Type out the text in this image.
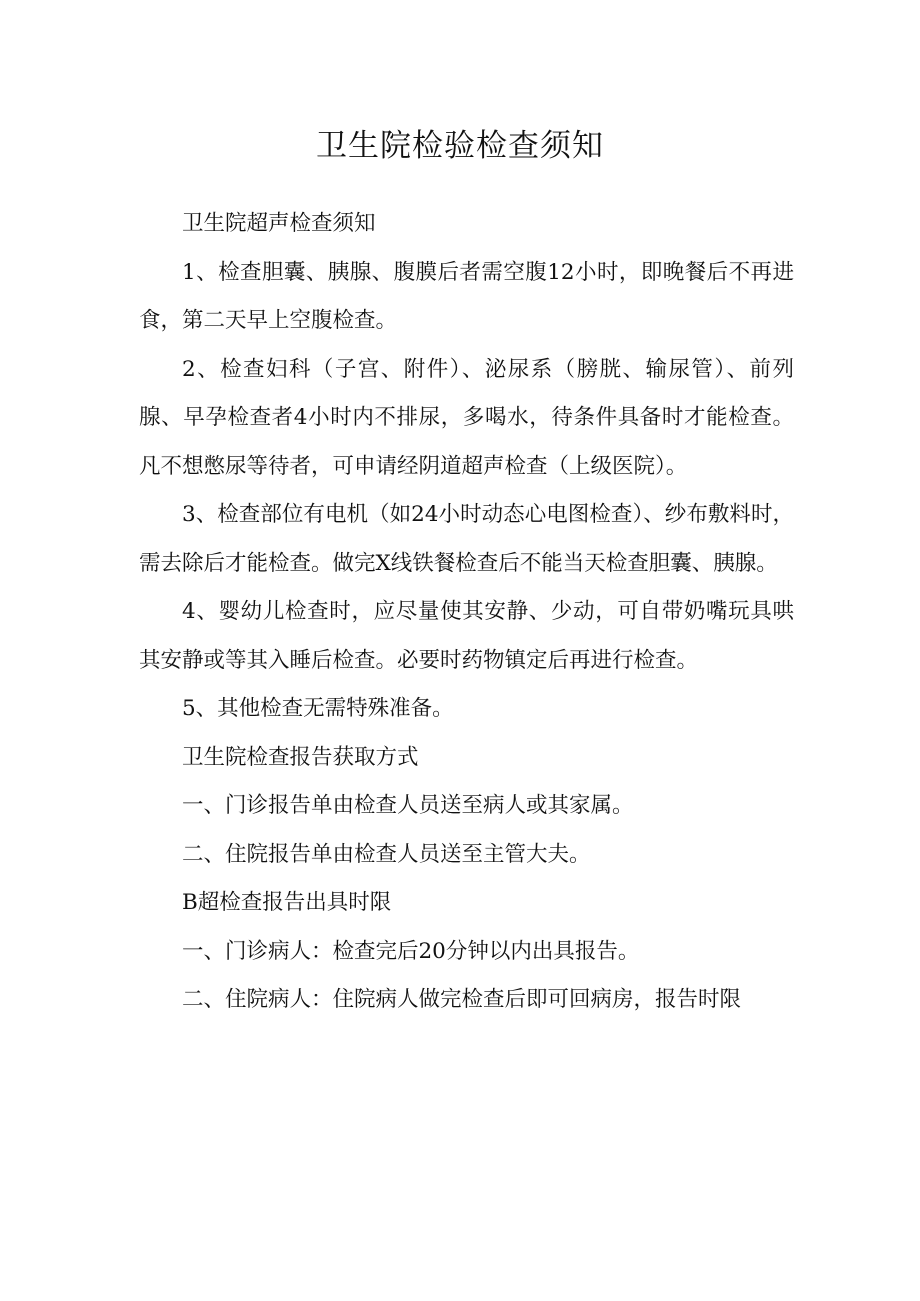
卫生院检验检查须知

卫生院超声检查须知

1、检查胆囊、胰腺、腹膜后者需空腹12小时，即晚餐后不再进食，第二天早上空腹检查。

2、检查妇科（子宫、附件）、泌尿系（膀胱、输尿管）、前列腺、早孕检查者4小时内不排尿，多喝水，待条件具备时才能检查。凡不想憋尿等待者，可申请经阴道超声检查（上级医院）。

3、检查部位有电机（如24小时动态心电图检查）、纱布敷料时，需去除后才能检查。做完X线铁餐检查后不能当天检查胆囊、胰腺。

4、婴幼儿检查时，应尽量使其安静、少动，可自带奶嘴玩具哄其安静或等其入睡后检查。必要时药物镇定后再进行检查。

5、其他检查无需特殊准备。

卫生院检查报告获取方式

一、门诊报告单由检查人员送至病人或其家属。

二、住院报告单由检查人员送至主管大夫。

B超检查报告出具时限

一、门诊病人：检查完后20分钟以内出具报告。

二、住院病人：住院病人做完检查后即可回病房，报告时限
